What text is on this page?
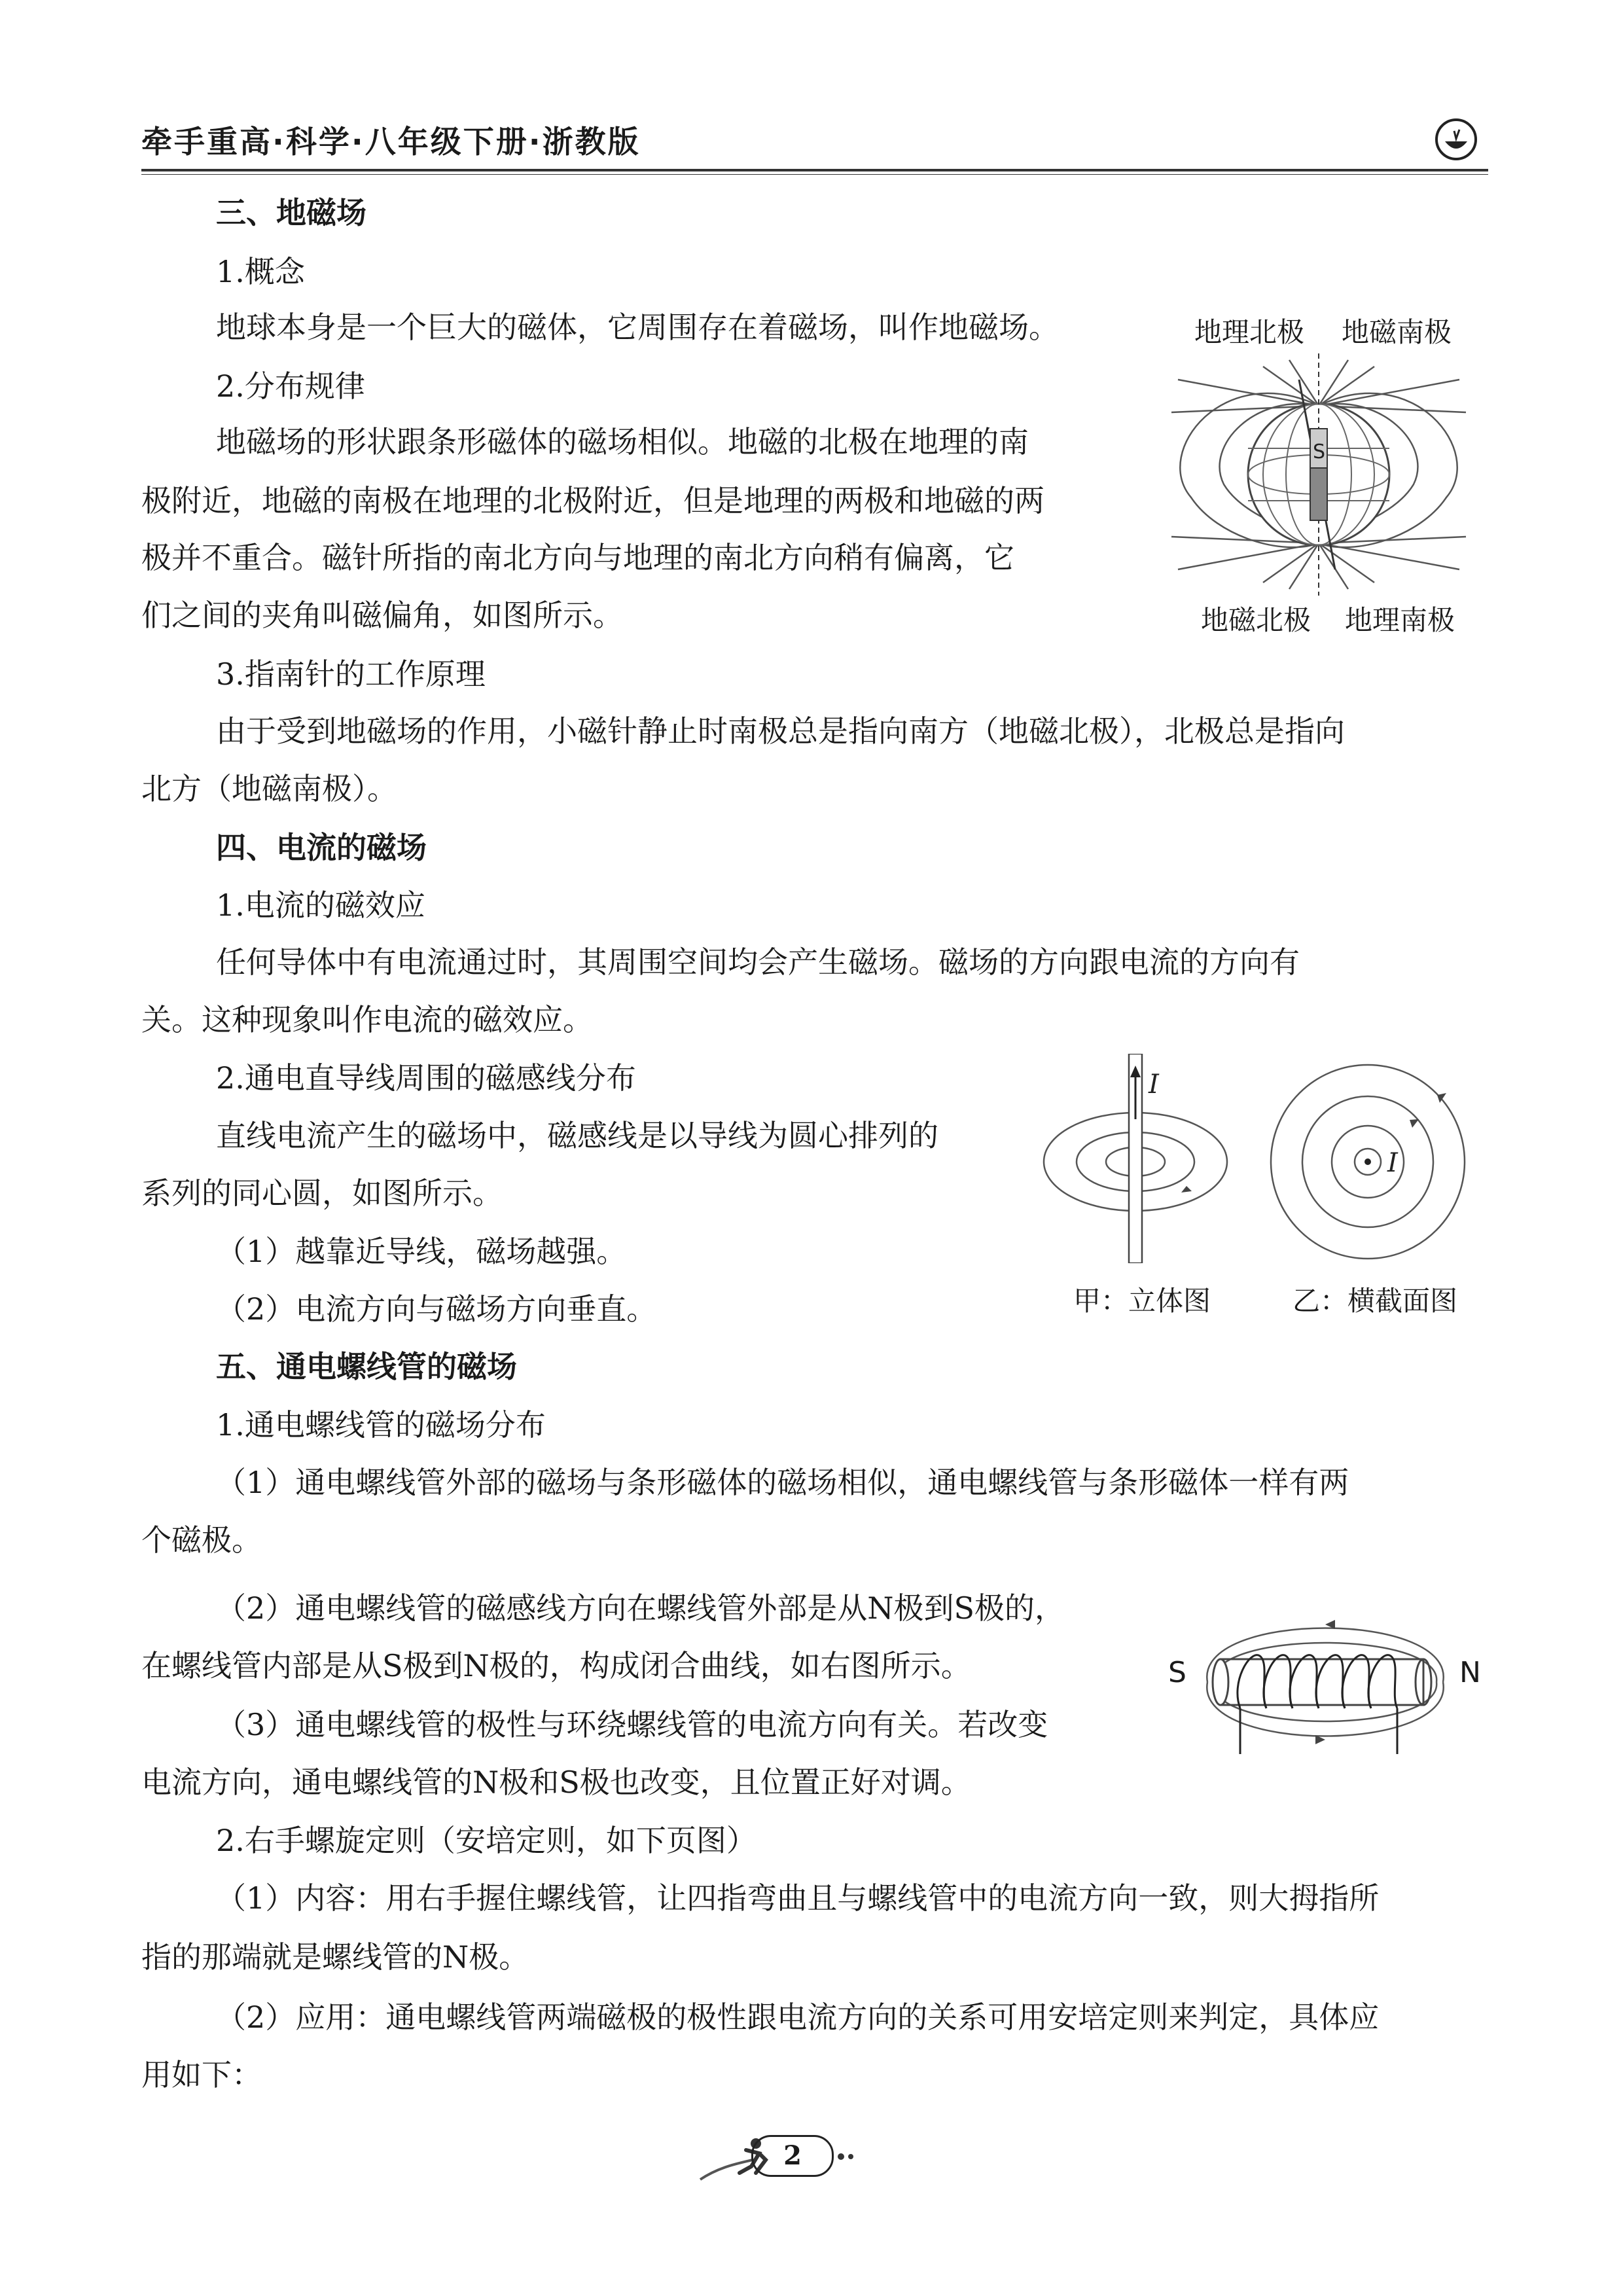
牵手重高·科学·八年级下册·浙教版
三、地磁场
1.概念
地球本身是一个巨大的磁体，它周围存在着磁场，叫作地磁场。
2.分布规律
地磁场的形状跟条形磁体的磁场相似。地磁的北极在地理的南
极附近，地磁的南极在地理的北极附近，但是地理的两极和地磁的两
极并不重合。磁针所指的南北方向与地理的南北方向稍有偏离，它
们之间的夹角叫磁偏角，如图所示。
3.指南针的工作原理
由于受到地磁场的作用，小磁针静止时南极总是指向南方（地磁北极），北极总是指向
北方（地磁南极）。
四、电流的磁场
1.电流的磁效应
任何导体中有电流通过时，其周围空间均会产生磁场。磁场的方向跟电流的方向有
关。这种现象叫作电流的磁效应。
2.通电直导线周围的磁感线分布
直线电流产生的磁场中，磁感线是以导线为圆心排列的
系列的同心圆，如图所示。
（1）越靠近导线，磁场越强。
（2）电流方向与磁场方向垂直。
五、通电螺线管的磁场
1.通电螺线管的磁场分布
（1）通电螺线管外部的磁场与条形磁体的磁场相似，通电螺线管与条形磁体一样有两
个磁极。
（2）通电螺线管的磁感线方向在螺线管外部是从N极到S极的，
在螺线管内部是从S极到N极的，构成闭合曲线，如右图所示。
（3）通电螺线管的极性与环绕螺线管的电流方向有关。若改变
电流方向，通电螺线管的N极和S极也改变，且位置正好对调。
2.右手螺旋定则（安培定则，如下页图）
（1）内容：用右手握住螺线管，让四指弯曲且与螺线管中的电流方向一致，则大拇指所
指的那端就是螺线管的N极。
（2）应用：通电螺线管两端磁极的极性跟电流方向的关系可用安培定则来判定，具体应
用如下：
地理北极 地磁南极
地磁北极 地理南极
S
I
I
甲：立体图	乙：横截面图
S	N
2
